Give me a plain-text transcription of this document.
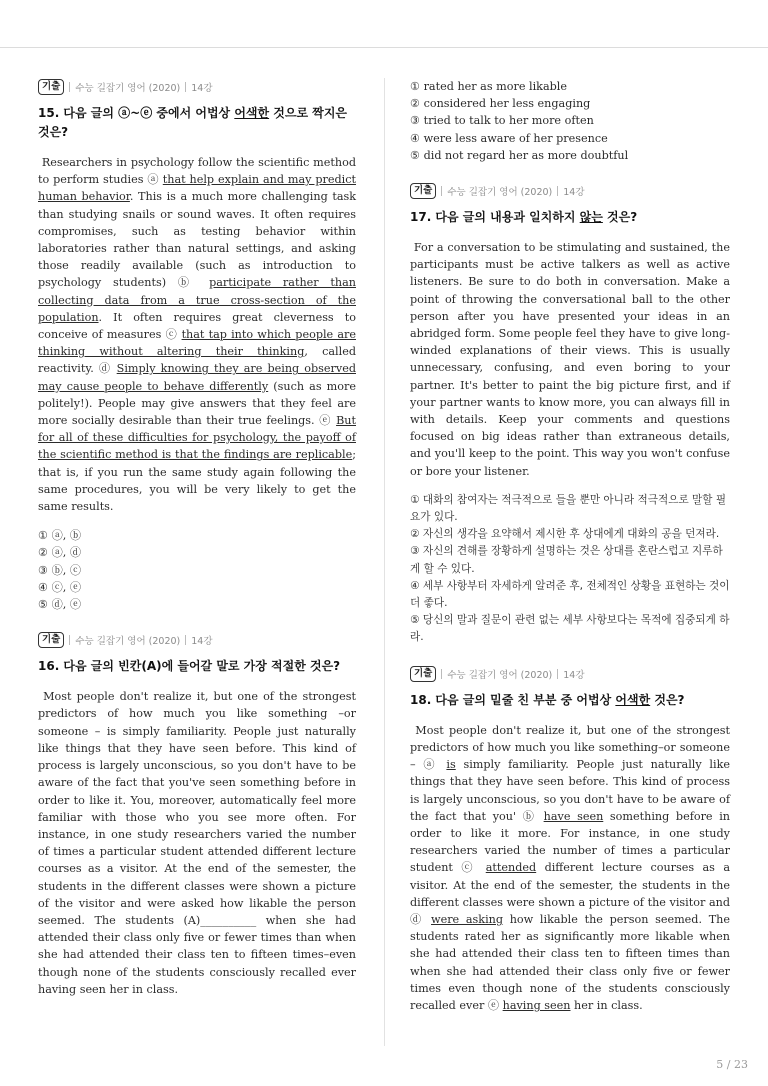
기출	수능 길잡기 영어 (2020) 14강
15. 다음 글의 ⓐ~ⓔ 중에서 어법상 어색한 것으로 짝지은 것은?
Researchers in psychology follow the scientific method to perform studies ⓐ that help explain and may predict human behavior. This is a much more challenging task than studying snails or sound waves. It often requires compromises, such as testing behavior within laboratories rather than natural settings, and asking those readily available (such as introduction to psychology students) ⓑ participate rather than collecting data from a true cross-section of the population. It often requires great cleverness to conceive of measures ⓒ that tap into which people are thinking without altering their thinking, called reactivity. ⓓ Simply knowing they are being observed may cause people to behave differently (such as more politely!). People may give answers that they feel are more socially desirable than their true feelings. ⓔ But for all of these difficulties for psychology, the payoff of the scientific method is that the findings are replicable; that is, if you run the same study again following the same procedures, you will be very likely to get the same results.
① ⓐ, ⓑ
② ⓐ, ⓓ
③ ⓑ, ⓒ
④ ⓒ, ⓔ
⑤ ⓓ, ⓔ
기출	수능 길잡기 영어 (2020) 14강
16. 다음 글의 빈칸(A)에 들어갈 말로 가장 적절한 것은?
Most people don't realize it, but one of the strongest predictors of how much you like something –or someone – is simply familiarity. People just naturally like things that they have seen before. This kind of process is largely unconscious, so you don't have to be aware of the fact that you've seen something before in order to like it. You, moreover, automatically feel more familiar with those who you see more often. For instance, in one study researchers varied the number of times a particular student attended different lecture courses as a visitor. At the end of the semester, the students in the different classes were shown a picture of the visitor and were asked how likable the person seemed. The students (A)__________ when she had attended their class only five or fewer times than when she had attended their class ten to fifteen times–even though none of the students consciously recalled ever having seen her in class.
① rated her as more likable
② considered her less engaging
③ tried to talk to her more often
④ were less aware of her presence
⑤ did not regard her as more doubtful
기출	수능 길잡기 영어 (2020) 14강
17. 다음 글의 내용과 일치하지 않는 것은?
For a conversation to be stimulating and sustained, the participants must be active talkers as well as active listeners. Be sure to do both in conversation. Make a point of throwing the conversational ball to the other person after you have presented your ideas in an abridged form. Some people feel they have to give long-winded explanations of their views. This is usually unnecessary, confusing, and even boring to your partner. It's better to paint the big picture first, and if your partner wants to know more, you can always fill in with details. Keep your comments and questions focused on big ideas rather than extraneous details, and you'll keep to the point. This way you won't confuse or bore your listener.
① 대화의 참여자는 적극적으로 들을 뿐만 아니라 적극적으로 말할 필요가 있다.
② 자신의 생각을 요약해서 제시한 후 상대에게 대화의 공을 던져라.
③ 자신의 견해를 장황하게 설명하는 것은 상대를 혼란스럽고 지루하게 할 수 있다.
④ 세부 사항부터 자세하게 알려준 후, 전체적인 상황을 표현하는 것이 더 좋다.
⑤ 당신의 말과 질문이 관련 없는 세부 사항보다는 목적에 집중되게 하라.
기출	수능 길잡기 영어 (2020) 14강
18. 다음 글의 밑줄 친 부분 중 어법상 어색한 것은?
Most people don't realize it, but one of the strongest predictors of how much you like something–or someone – ⓐ is simply familiarity. People just naturally like things that they have seen before. This kind of process is largely unconscious, so you don't have to be aware of the fact that you' ⓑ have seen something before in order to like it more. For instance, in one study researchers varied the number of times a particular student ⓒ attended different lecture courses as a visitor. At the end of the semester, the students in the different classes were shown a picture of the visitor and ⓓ were asking how likable the person seemed. The students rated her as significantly more likable when she had attended their class ten to fifteen times than when she had attended their class only five or fewer times even though none of the students consciously recalled ever ⓔ having seen her in class.
5 / 23
